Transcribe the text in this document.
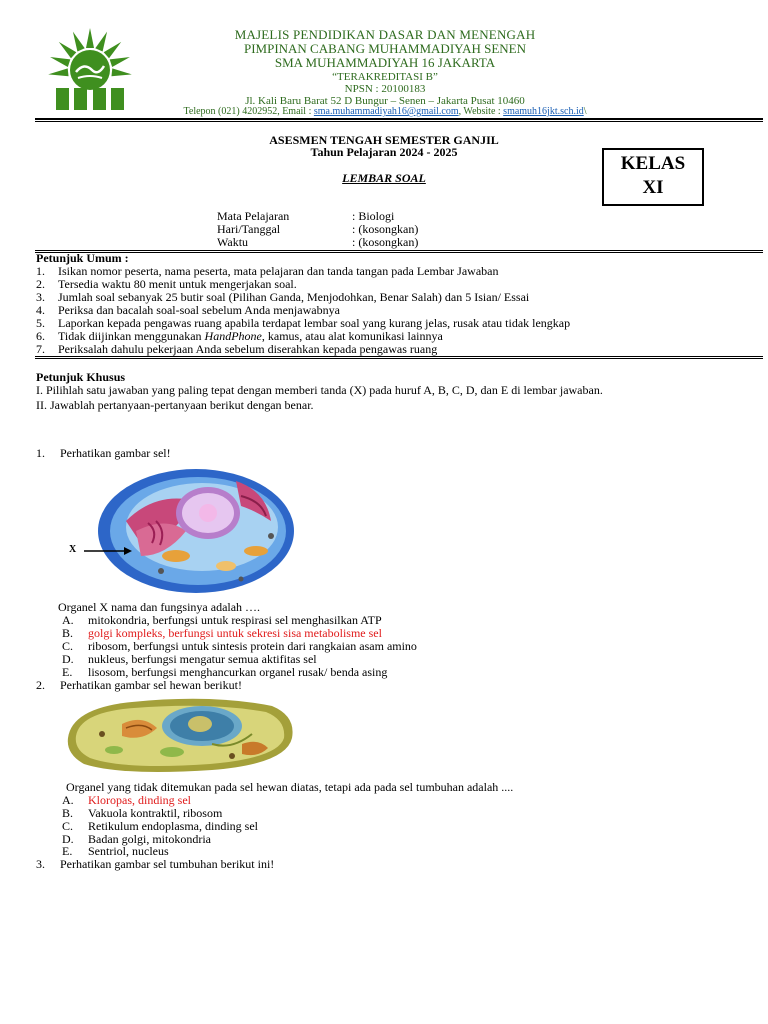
MAJELIS PENDIDIKAN DASAR DAN MENENGAH
PIMPINAN CABANG MUHAMMADIYAH SENEN
SMA MUHAMMADIYAH 16 JAKARTA
“TERAKREDITASI B”
NPSN : 20100183
Jl. Kali Baru Barat 52 D Bungur – Senen – Jakarta Pusat 10460
Telepon (021) 4202952, Email : sma.muhammadiyah16@gmail.com, Website : smamuh16jkt.sch.id\
ASESMEN TENGAH SEMESTER GANJIL
Tahun Pelajaran 2024 - 2025
LEMBAR SOAL
KELAS
XI
Mata Pelajaran	: Biologi
Hari/Tanggal	: (kosongkan)
Waktu	: (kosongkan)
Petunjuk Umum :
1. Isikan nomor peserta, nama peserta, mata pelajaran dan tanda tangan pada Lembar Jawaban
2. Tersedia waktu 80 menit untuk mengerjakan soal.
3. Jumlah soal sebanyak 25 butir soal (Pilihan Ganda, Menjodohkan, Benar Salah) dan 5 Isian/ Essai
4. Periksa dan bacalah soal-soal sebelum Anda menjawabnya
5. Laporkan kepada pengawas ruang apabila terdapat lembar soal yang kurang jelas, rusak atau tidak lengkap
6. Tidak diijinkan menggunakan HandPhone, kamus, atau alat komunikasi lainnya
7. Periksalah dahulu pekerjaan Anda sebelum diserahkan kepada pengawas ruang
Petunjuk Khusus
I. Pilihlah satu jawaban yang paling tepat dengan memberi tanda (X) pada huruf A, B, C, D, dan E di lembar jawaban.
II. Jawablah pertanyaan-pertanyaan berikut dengan benar.
1. Perhatikan gambar sel!
X
Organel X nama dan fungsinya adalah ….
A. mitokondria, berfungsi untuk respirasi sel menghasilkan ATP
B. golgi kompleks, berfungsi untuk sekresi sisa metabolisme sel
C. ribosom, berfungsi untuk sintesis protein dari rangkaian asam amino
D. nukleus, berfungsi mengatur semua aktifitas sel
E. lisosom, berfungsi menghancurkan organel rusak/ benda asing
2. Perhatikan gambar sel hewan berikut!
Organel yang tidak ditemukan pada sel hewan diatas, tetapi ada pada sel tumbuhan adalah ....
A. Kloropas, dinding sel
B. Vakuola kontraktil, ribosom
C. Retikulum endoplasma, dinding sel
D. Badan golgi, mitokondria
E. Sentriol, nucleus
3. Perhatikan gambar sel tumbuhan berikut ini!
